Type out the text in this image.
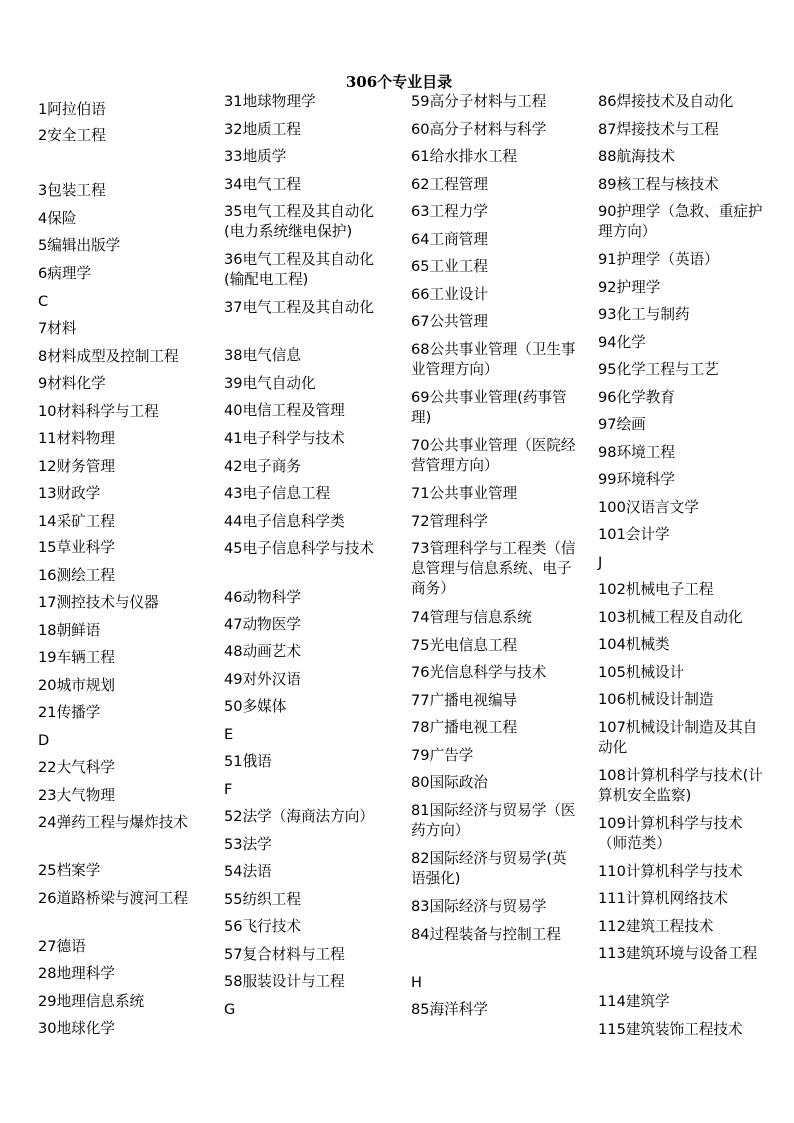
306个专业目录
1阿拉伯语
2安全工程
3包装工程
4保险
5编辑出版学
6病理学
C
7材料
8材料成型及控制工程
9材料化学
10材料科学与工程
11材料物理
12财务管理
13财政学
14采矿工程
15草业科学
16测绘工程
17测控技术与仪器
18朝鲜语
19车辆工程
20城市规划
21传播学
D
22大气科学
23大气物理
24弹药工程与爆炸技术
25档案学
26道路桥梁与渡河工程
27德语
28地理科学
29地理信息系统
30地球化学
31地球物理学
32地质工程
33地质学
34电气工程
35电气工程及其自动化(电力系统继电保护)
36电气工程及其自动化(输配电工程)
37电气工程及其自动化
38电气信息
39电气自动化
40电信工程及管理
41电子科学与技术
42电子商务
43电子信息工程
44电子信息科学类
45电子信息科学与技术
46动物科学
47动物医学
48动画艺术
49对外汉语
50多媒体
E
51俄语
F
52法学（海商法方向）
53法学
54法语
55纺织工程
56飞行技术
57复合材料与工程
58服装设计与工程
G
59高分子材料与工程
60高分子材料与科学
61给水排水工程
62工程管理
63工程力学
64工商管理
65工业工程
66工业设计
67公共管理
68公共事业管理（卫生事业管理方向）
69公共事业管理(药事管理)
70公共事业管理（医院经营管理方向）
71公共事业管理
72管理科学
73管理科学与工程类（信息管理与信息系统、电子商务）
74管理与信息系统
75光电信息工程
76光信息科学与技术
77广播电视编导
78广播电视工程
79广告学
80国际政治
81国际经济与贸易学（医药方向）
82国际经济与贸易学(英语强化)
83国际经济与贸易学
84过程装备与控制工程
H
85海洋科学
86焊接技术及自动化
87焊接技术与工程
88航海技术
89核工程与核技术
90护理学（急救、重症护理方向）
91护理学（英语）
92护理学
93化工与制药
94化学
95化学工程与工艺
96化学教育
97绘画
98环境工程
99环境科学
100汉语言文学
101会计学
J
102机械电子工程
103机械工程及自动化
104机械类
105机械设计
106机械设计制造
107机械设计制造及其自动化
108计算机科学与技术(计算机安全监察)
109计算机科学与技术（师范类）
110计算机科学与技术
111计算机网络技术
112建筑工程技术
113建筑环境与设备工程
114建筑学
115建筑装饰工程技术
